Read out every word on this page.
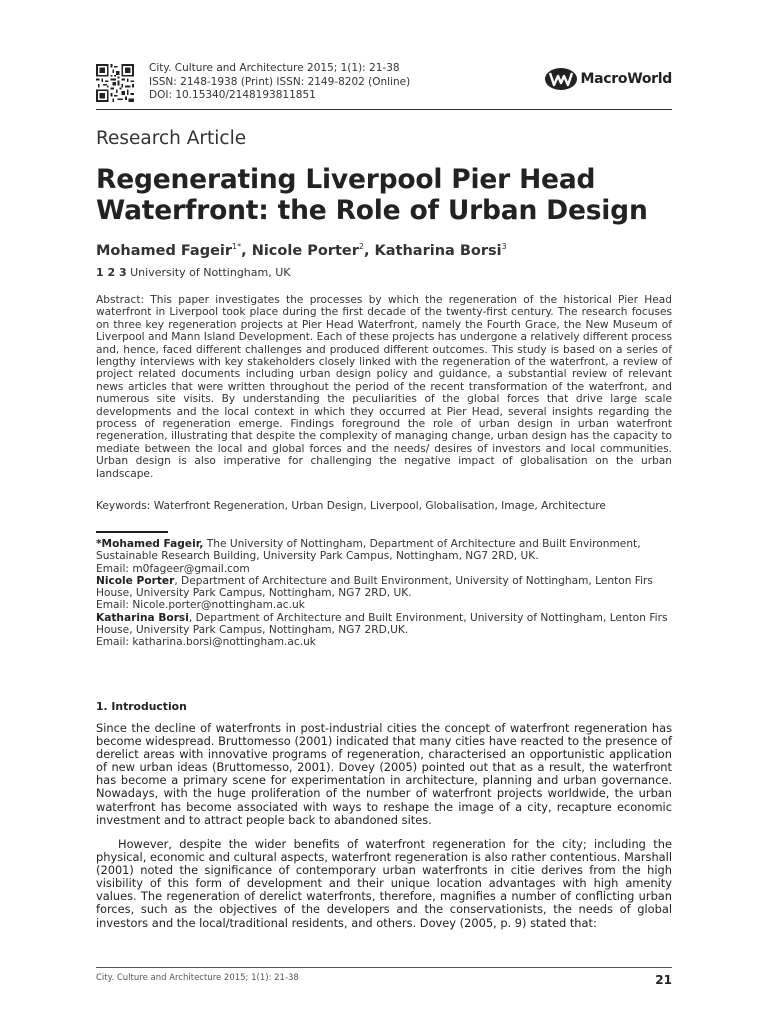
City. Culture and Architecture 2015; 1(1): 21-38
ISSN: 2148-1938 (Print) ISSN: 2149-8202 (Online)
DOI: 10.15340/2148193811851
MacroWorld
Research Article
Regenerating Liverpool Pier Head Waterfront: the Role of Urban Design
Mohamed Fageir$^{1*}$, Nicole Porter$^2$, Katharina Borsi$^3$
1 2 3 University of Nottingham, UK

Abstract: This paper investigates the processes by which the regeneration of the historical Pier Head waterfront in Liverpool took place during the first decade of the twenty-first century. The research focuses on three key regeneration projects at Pier Head Waterfront, namely the Fourth Grace, the New Museum of Liverpool and Mann Island Development. Each of these projects has undergone a relatively different process and, hence, faced different challenges and produced different outcomes. This study is based on a series of lengthy interviews with key stakeholders closely linked with the regeneration of the waterfront, a review of project related documents including urban design policy and guidance, a substantial review of relevant news articles that were written throughout the period of the recent transformation of the waterfront, and numerous site visits. By understanding the peculiarities of the global forces that drive large scale developments and the local context in which they occurred at Pier Head, several insights regarding the process of regeneration emerge. Findings foreground the role of urban design in urban waterfront regeneration, illustrating that despite the complexity of managing change, urban design has the capacity to mediate between the local and global forces and the needs/ desires of investors and local communities. Urban design is also imperative for challenging the negative impact of globalisation on the urban landscape.

Keywords: Waterfront Regeneration, Urban Design, Liverpool, Globalisation, Image, Architecture

*Mohamed Fageir, The University of Nottingham, Department of Architecture and Built Environment, Sustainable Research Building, University Park Campus, Nottingham, NG7 2RD, UK.

Email: m0fageer@gmail.com

Nicole Porter, Department of Architecture and Built Environment, University of Nottingham, Lenton Firs House, University Park Campus, Nottingham, NG7 2RD, UK.

Email: Nicole.porter@nottingham.ac.uk

Katharina Borsi, Department of Architecture and Built Environment, University of Nottingham, Lenton Firs House, University Park Campus, Nottingham, NG7 2RD,UK.

Email: katharina.borsi@nottingham.ac.uk

1. Introduction

Since the decline of waterfronts in post-industrial cities the concept of waterfront regeneration has become widespread. Bruttomesso (2001) indicated that many cities have reacted to the presence of derelict areas with innovative programs of regeneration, characterised an opportunistic application of new urban ideas (Bruttomesso, 2001). Dovey (2005) pointed out that as a result, the waterfront has become a primary scene for experimentation in architecture, planning and urban governance. Nowadays, with the huge proliferation of the number of waterfront projects worldwide, the urban waterfront has become associated with ways to reshape the image of a city, recapture economic investment and to attract people back to abandoned sites.

However, despite the wider benefits of waterfront regeneration for the city; including the physical, economic and cultural aspects, waterfront regeneration is also rather contentious. Marshall (2001) noted the significance of contemporary urban waterfronts in citie derives from the high visibility of this form of development and their unique location advantages with high amenity values. The regeneration of derelict waterfronts, therefore, magnifies a number of conflicting urban forces, such as the objectives of the developers and the conservationists, the needs of global investors and the local/traditional residents, and others. Dovey (2005, p. 9) stated that:

City. Culture and Architecture 2015; 1(1): 21-38	21
